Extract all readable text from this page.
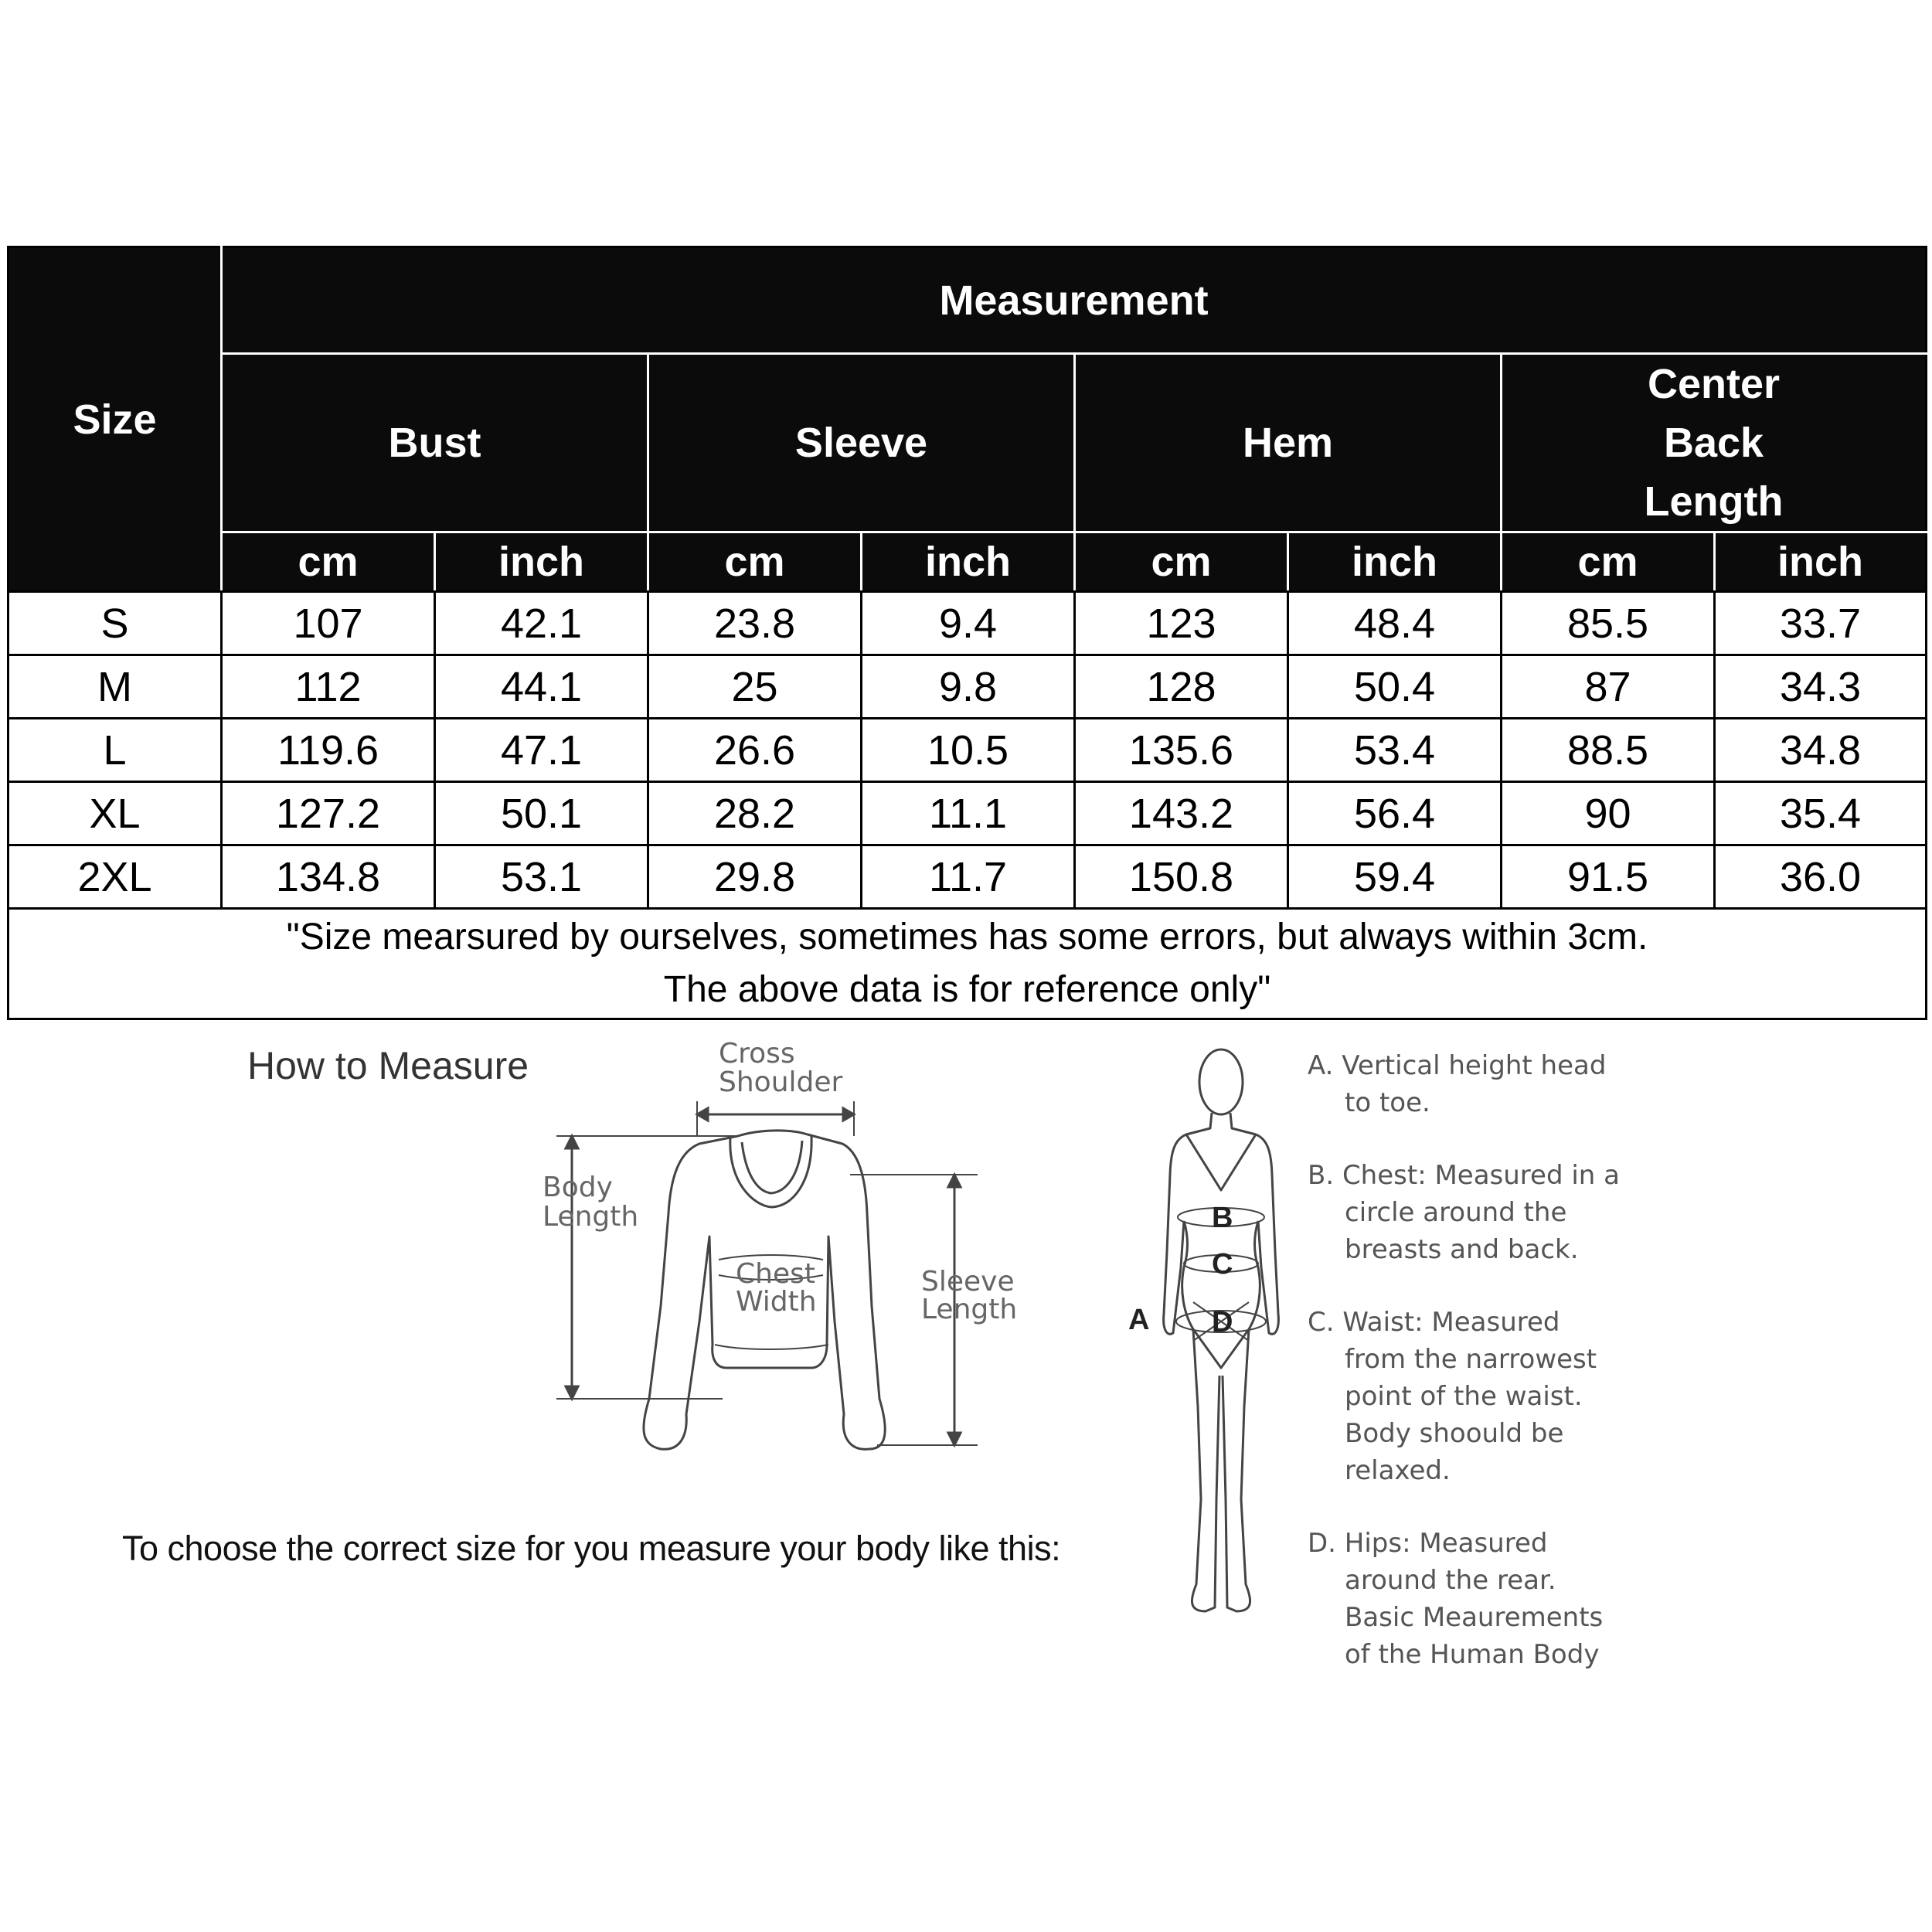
Size	Measurement							
	Bust		Sleeve		Hem		Center Back Length	
	cm	inch	cm	inch	cm	inch	cm	inch
S	107	42.1	23.8	9.4	123	48.4	85.5	33.7
M	112	44.1	25	9.8	128	50.4	87	34.3
L	119.6	47.1	26.6	10.5	135.6	53.4	88.5	34.8
XL	127.2	50.1	28.2	11.1	143.2	56.4	90	35.4
2XL	134.8	53.1	29.8	11.7	150.8	59.4	91.5	36.0
"Size mearsured by ourselves, sometimes has some errors, but always within 3cm.
The above data is for reference only"								
How to Measure
To choose the correct size for you measure your body like this:
Cross
Shoulder
Body
Length
Chest
Width
Sleeve
Length	A
B
C
D
A. Vertical height head
to toe.
B. Chest: Measured in a
circle around the
breasts and back.
C. Waist: Measured
from the narrowest
point of the waist.
Body shoould be
relaxed.
D. Hips: Measured
around the rear.
Basic Meaurements
of the Human Body
